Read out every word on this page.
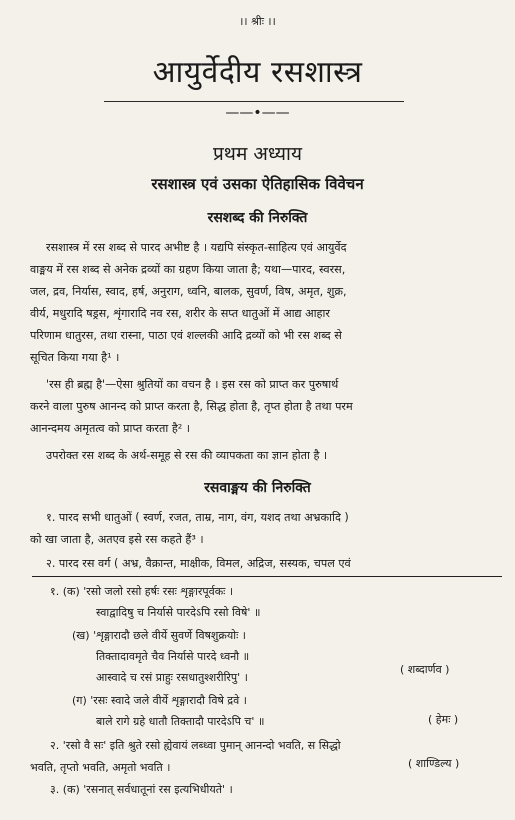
।। श्रीः ।।
आयुर्वेदीय रसशास्त्र
——•——
प्रथम अध्याय
रसशास्त्र एवं उसका ऐतिहासिक विवेचन
रसशब्द की निरुक्ति
रसशास्त्र में रस शब्द से पारद अभीष्ट है । यद्यपि संस्कृत-साहित्य एवं आयुर्वेद
वाङ्मय में रस शब्द से अनेक द्रव्यों का ग्रहण किया जाता है; यथा—पारद, स्वरस,
जल, द्रव, निर्यास, स्वाद, हर्ष, अनुराग, ध्वनि, बालक, सुवर्ण, विष, अमृत, शुक्र,
वीर्य, मधुरादि षड्रस, शृंगारादि नव रस, शरीर के सप्त धातुओं में आद्य आहार
परिणाम धातुरस, तथा रास्ना, पाठा एवं शल्लकी आदि द्रव्यों को भी रस शब्द से
सूचित किया गया है¹ ।
'रस ही ब्रह्म है'—ऐसा श्रुतियों का वचन है । इस रस को प्राप्त कर पुरुषार्थ
करने वाला पुरुष आनन्द को प्राप्त करता है, सिद्ध होता है, तृप्त होता है तथा परम
आनन्दमय अमृतत्व को प्राप्त करता है² ।
उपरोक्त रस शब्द के अर्थ-समूह से रस की व्यापकता का ज्ञान होता है ।
रसवाङ्मय की निरुक्ति
१. पारद सभी धातुओं ( स्वर्ण, रजत, ताम्र, नाग, वंग, यशद तथा अभ्रकादि )
को खा जाता है, अतएव इसे रस कहते हैं³ ।
२. पारद रस वर्ग ( अभ्र, वैक्रान्त, माक्षीक, विमल, अद्रिज, सस्यक, चपल एवं
१. (क) 'रसो जलो रसो हर्षः रसः शृङ्गारपूर्वकः ।
स्वाद्वादिषु च निर्यासे पारदेऽपि रसो विषे' ॥
(ख) 'शृङ्गारादौ छले वीर्ये सुवर्णे विषशुक्रयोः ।
तिक्तादावमृते चैव निर्यासे पारदे ध्वनौ ॥
आस्वादे च रसं प्राहुः रसधातुश्शरीरिपु' ।
( शब्दार्णव )
(ग) 'रसः स्वादे जले वीर्ये शृङ्गारादौ विषे द्रवे ।
बाले रागे ग्रहे धातौ तिक्तादौ पारदेऽपि च' ॥	( हेमः )
२. 'रसो वै सः' इति श्रुते रसो ह्येवायं लब्ध्वा पुमान् आनन्दो भवति, स सिद्धो
भवति, तृप्तो भवति, अमृतो भवति ।	( शाण्डिल्य )
३. (क) 'रसनात् सर्वधातूनां रस इत्यभिधीयते' ।
